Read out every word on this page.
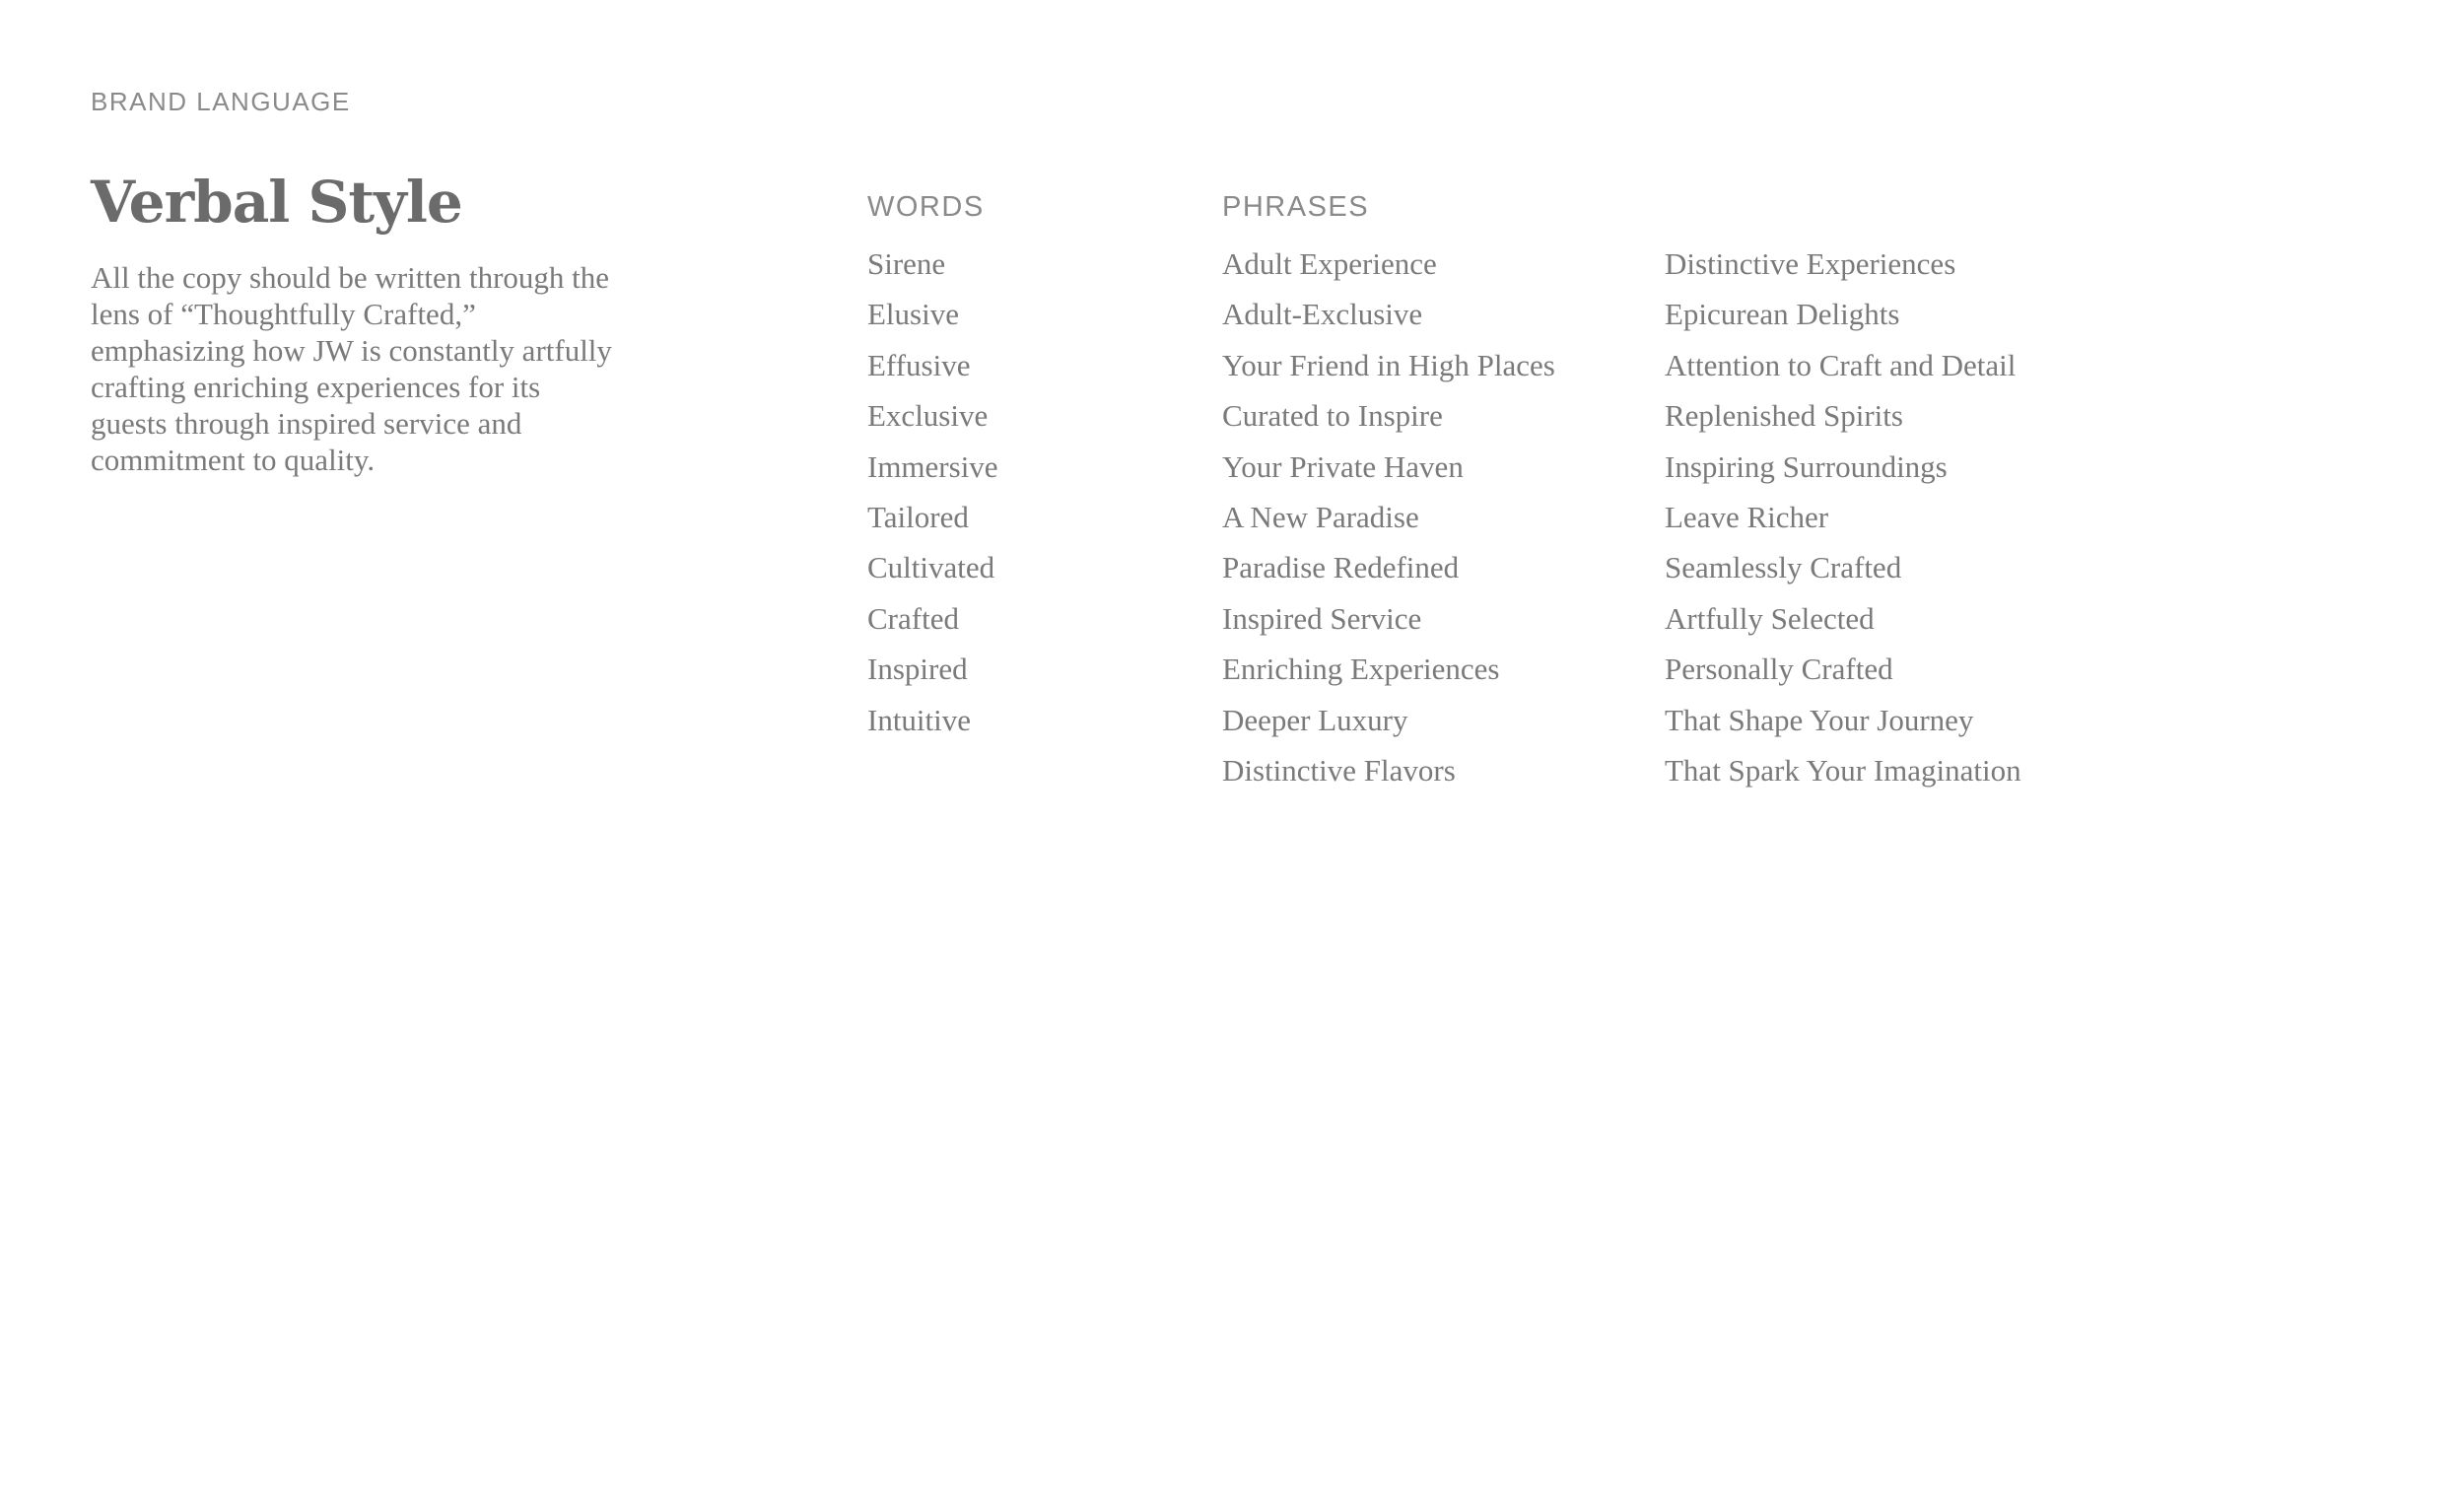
BRAND LANGUAGE
Verbal Style

All the copy should be written through the lens of “Thoughtfully Crafted,” emphasizing how JW is constantly artfully crafting enriching experiences for its guests through inspired service and commitment to quality.

WORDS
Sirene
Elusive
Effusive
Exclusive
Immersive
Tailored
Cultivated
Crafted
Inspired
Intuitive
PHRASES
Adult Experience
Adult-Exclusive
Your Friend in High Places
Curated to Inspire
Your Private Haven
A New Paradise
Paradise Redefined
Inspired Service
Enriching Experiences
Deeper Luxury
Distinctive Flavors
Distinctive Experiences
Epicurean Delights
Attention to Craft and Detail
Replenished Spirits
Inspiring Surroundings
Leave Richer
Seamlessly Crafted
Artfully Selected
Personally Crafted
That Shape Your Journey
That Spark Your Imagination
